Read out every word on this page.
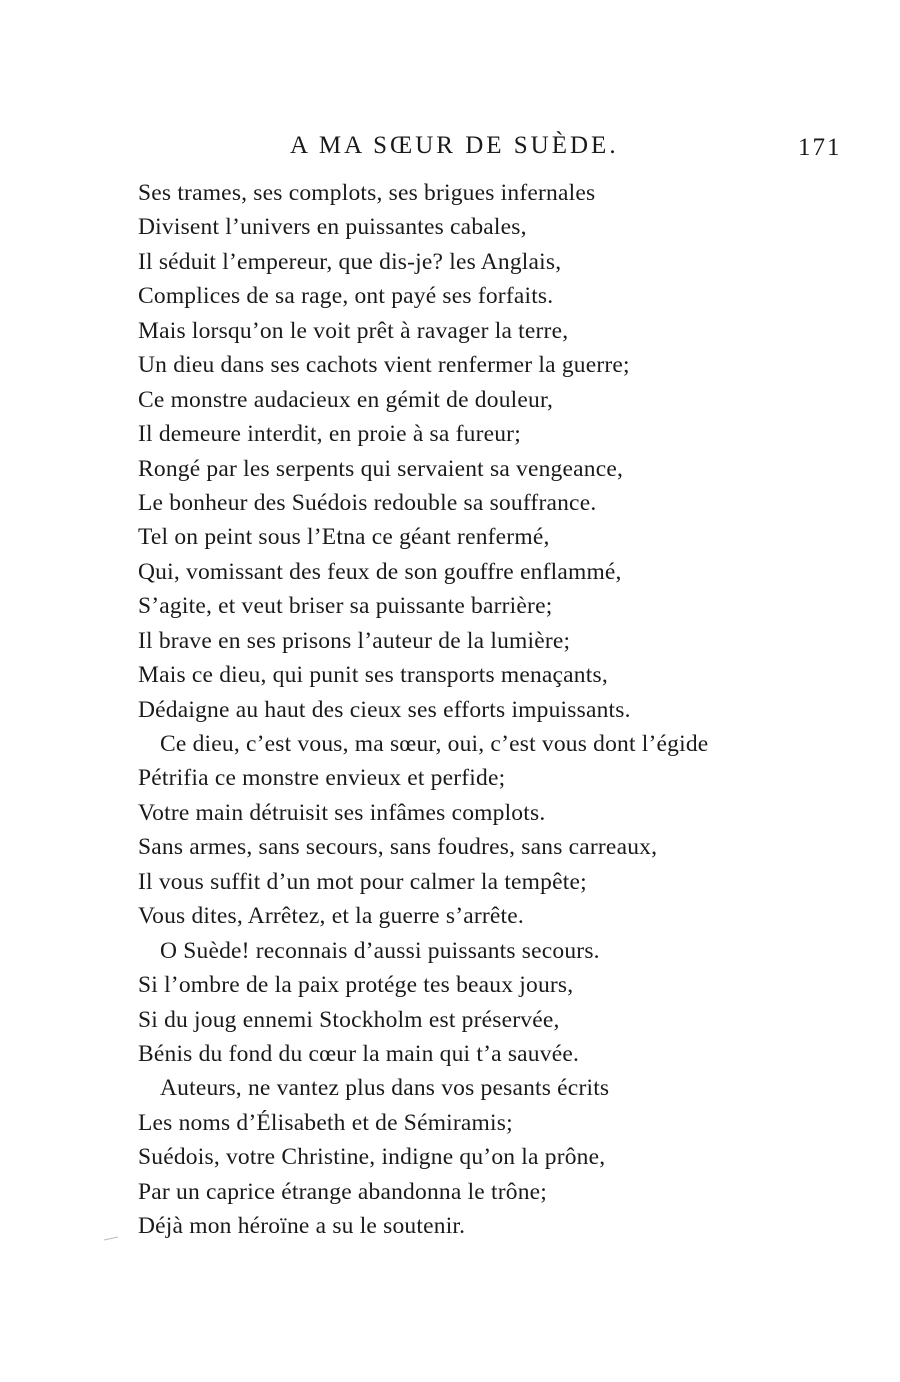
A MA SŒUR DE SUÈDE.	171
Ses trames, ses complots, ses brigues infernales
Divisent l’univers en puissantes cabales,
Il séduit l’empereur, que dis-je? les Anglais,
Complices de sa rage, ont payé ses forfaits.
Mais lorsqu’on le voit prêt à ravager la terre,
Un dieu dans ses cachots vient renfermer la guerre;
Ce monstre audacieux en gémit de douleur,
Il demeure interdit, en proie à sa fureur;
Rongé par les serpents qui servaient sa vengeance,
Le bonheur des Suédois redouble sa souffrance.
Tel on peint sous l’Etna ce géant renfermé,
Qui, vomissant des feux de son gouffre enflammé,
S’agite, et veut briser sa puissante barrière;
Il brave en ses prisons l’auteur de la lumière;
Mais ce dieu, qui punit ses transports menaçants,
Dédaigne au haut des cieux ses efforts impuissants.
Ce dieu, c’est vous, ma sœur, oui, c’est vous dont l’égide
Pétrifia ce monstre envieux et perfide;
Votre main détruisit ses infâmes complots.
Sans armes, sans secours, sans foudres, sans carreaux,
Il vous suffit d’un mot pour calmer la tempête;
Vous dites, Arrêtez, et la guerre s’arrête.
O Suède! reconnais d’aussi puissants secours.
Si l’ombre de la paix protége tes beaux jours,
Si du joug ennemi Stockholm est préservée,
Bénis du fond du cœur la main qui t’a sauvée.
Auteurs, ne vantez plus dans vos pesants écrits
Les noms d’Élisabeth et de Sémiramis;
Suédois, votre Christine, indigne qu’on la prône,
Par un caprice étrange abandonna le trône;
Déjà mon héroïne a su le soutenir.
